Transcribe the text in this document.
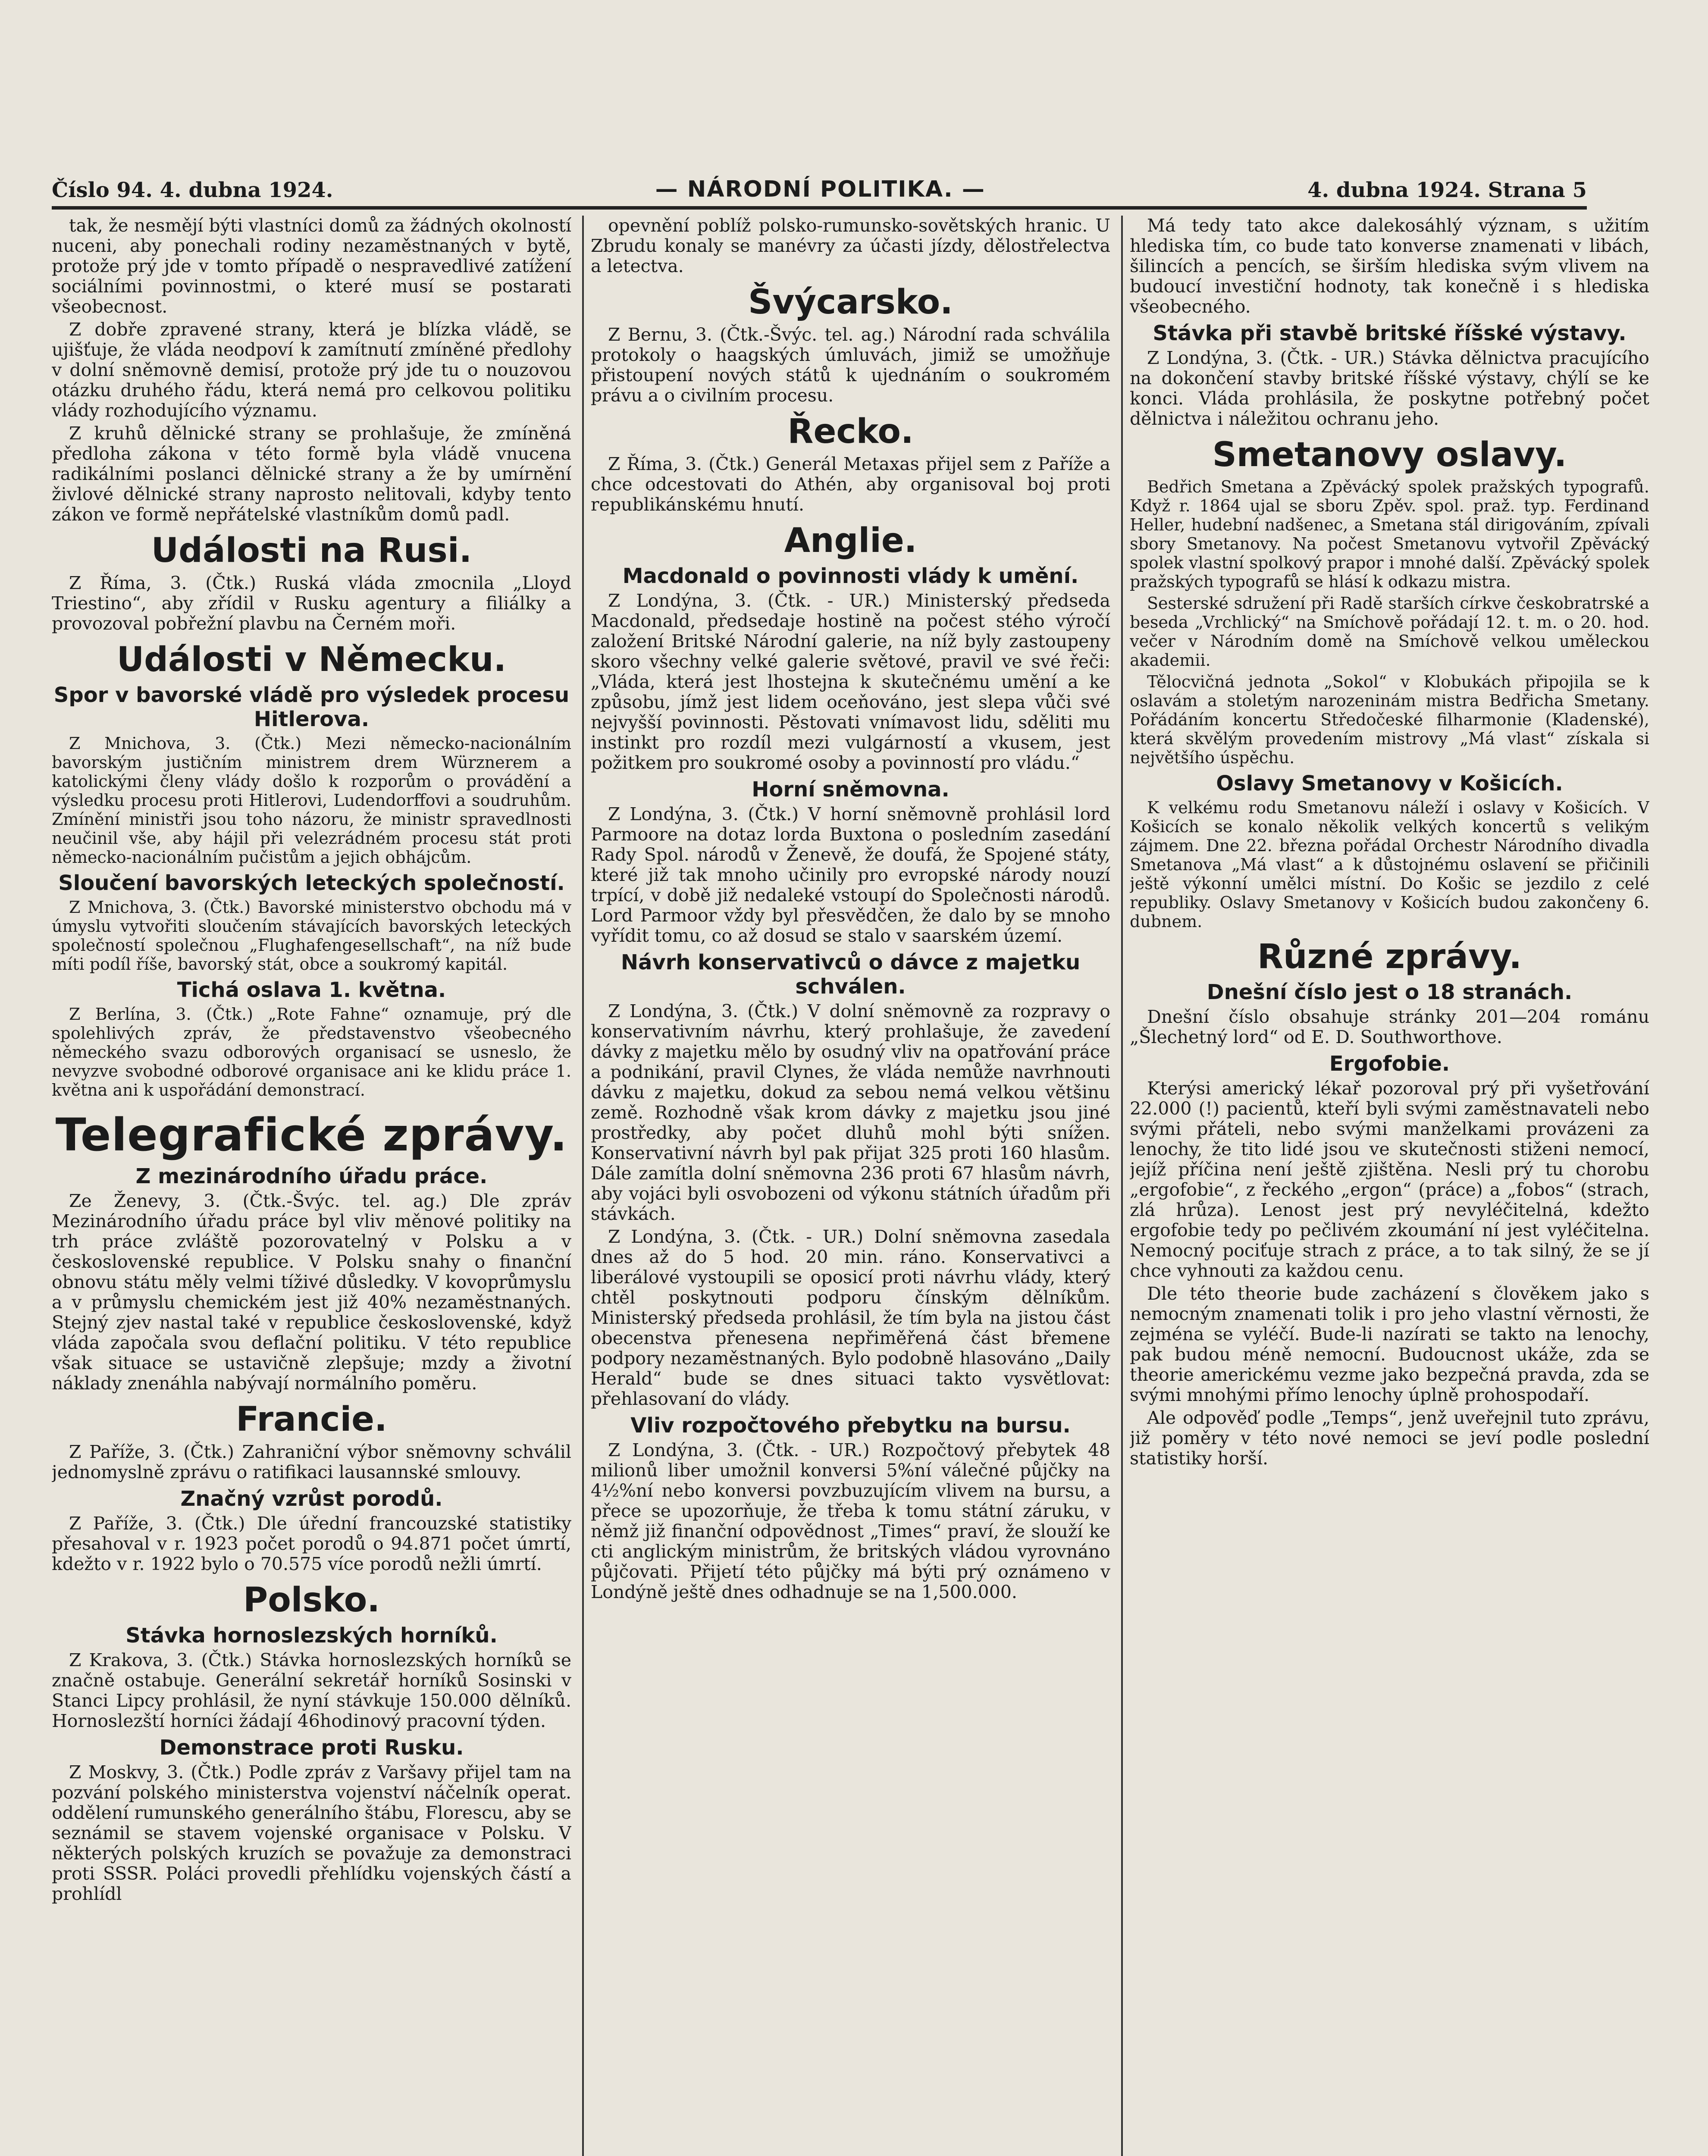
Číslo 94. 4. dubna 1924.	— NÁRODNÍ POLITIKA. —	4. dubna 1924. Strana 5

tak, že nesmějí býti vlastníci domů za žádných okolností nuceni, aby ponechali rodiny nezaměstnaných v bytě, protože prý jde v tomto případě o nespravedlivé zatížení sociálními povinnostmi, o které musí se postarati všeobecnost.

Z dobře zpravené strany, která je blízka vládě, se ujišťuje, že vláda neodpoví k zamítnutí zmíněné předlohy v dolní sněmovně demisí, protože prý jde tu o nouzovou otázku druhého řádu, která nemá pro celkovou politiku vlády rozhodujícího významu.

Z kruhů dělnické strany se prohlašuje, že zmíněná předloha zákona v této formě byla vládě vnucena radikálními poslanci dělnické strany a že by umírnění živlové dělnické strany naprosto nelitovali, kdyby tento zákon ve formě nepřátelské vlastníkům domů padl.

Události na Rusi.

Z Říma, 3. (Čtk.) Ruská vláda zmocnila „Lloyd Triestino“, aby zřídil v Rusku agentury a filiálky a provozoval pobřežní plavbu na Černém moři.

Události v Německu.
Spor v bavorské vládě pro výsledek procesu Hitlerova.

Z Mnichova, 3. (Čtk.) Mezi německo-nacionálním bavorským justičním ministrem drem Würznerem a katolickými členy vlády došlo k rozporům o provádění a výsledku procesu proti Hitlerovi, Ludendorffovi a soudruhům. Zmínění ministři jsou toho názoru, že ministr spravedlnosti neučinil vše, aby hájil při velezrádném procesu stát proti německo-nacionálním pučistům a jejich obhájcům.

Sloučení bavorských leteckých společností.

Z Mnichova, 3. (Čtk.) Bavorské ministerstvo obchodu má v úmyslu vytvořiti sloučením stávajících bavorských leteckých společností společnou „Flughafengesellschaft“, na níž bude míti podíl říše, bavorský stát, obce a soukromý kapitál.

Tichá oslava 1. května.

Z Berlína, 3. (Čtk.) „Rote Fahne“ oznamuje, prý dle spolehlivých zpráv, že představenstvo všeobecného německého svazu odborových organisací se usneslo, že nevyzve svobodné odborové organisace ani ke klidu práce 1. května ani k uspořádání demonstrací.

Telegrafické zprávy.
Z mezinárodního úřadu práce.

Ze Ženevy, 3. (Čtk.-Švýc. tel. ag.) Dle zpráv Mezinárodního úřadu práce byl vliv měnové politiky na trh práce zvláště pozorovatelný v Polsku a v československé republice. V Polsku snahy o finanční obnovu státu měly velmi tíživé důsledky. V kovoprůmyslu a v průmyslu chemickém jest již 40% nezaměstnaných. Stejný zjev nastal také v republice československé, když vláda započala svou deflační politiku. V této republice však situace se ustavičně zlepšuje; mzdy a životní náklady znenáhla nabývají normálního poměru.

Francie.

Z Paříže, 3. (Čtk.) Zahraniční výbor sněmovny schválil jednomyslně zprávu o ratifikaci lausannské smlouvy.

Značný vzrůst porodů.

Z Paříže, 3. (Čtk.) Dle úřední francouzské statistiky přesahoval v r. 1923 počet porodů o 94.871 počet úmrtí, kdežto v r. 1922 bylo o 70.575 více porodů nežli úmrtí.

Polsko.
Stávka hornoslezských horníků.

Z Krakova, 3. (Čtk.) Stávka hornoslezských horníků se značně ostabuje. Generální sekretář horníků Sosinski v Stanci Lipcy prohlásil, že nyní stávkuje 150.000 dělníků. Hornoslezští horníci žádají 46hodinový pracovní týden.

Demonstrace proti Rusku.

Z Moskvy, 3. (Čtk.) Podle zpráv z Varšavy přijel tam na pozvání polského ministerstva vojenství náčelník operat. oddělení rumunského generálního štábu, Florescu, aby se seznámil se stavem vojenské organisace v Polsku. V některých polských kruzích se považuje za demonstraci proti SSSR. Poláci provedli přehlídku vojenských částí a prohlídl

opevnění poblíž polsko-rumunsko-sovětských hranic. U Zbrudu konaly se manévry za účasti jízdy, dělostřelectva a letectva.

Švýcarsko.

Z Bernu, 3. (Čtk.-Švýc. tel. ag.) Národní rada schválila protokoly o haagských úmluvách, jimiž se umožňuje přistoupení nových států k ujednáním o soukromém právu a o civilním procesu.

Řecko.

Z Říma, 3. (Čtk.) Generál Metaxas přijel sem z Paříže a chce odcestovati do Athén, aby organisoval boj proti republikánskému hnutí.

Anglie.
Macdonald o povinnosti vlády k umění.

Z Londýna, 3. (Čtk. - UR.) Ministerský předseda Macdonald, předsedaje hostině na počest stého výročí založení Britské Národní galerie, na níž byly zastoupeny skoro všechny velké galerie světové, pravil ve své řeči: „Vláda, která jest lhostejna k skutečnému umění a ke způsobu, jímž jest lidem oceňováno, jest slepa vůči své nejvyšší povinnosti. Pěstovati vnímavost lidu, sděliti mu instinkt pro rozdíl mezi vulgárností a vkusem, jest požitkem pro soukromé osoby a povinností pro vládu.“

Horní sněmovna.

Z Londýna, 3. (Čtk.) V horní sněmovně prohlásil lord Parmoore na dotaz lorda Buxtona o posledním zasedání Rady Spol. národů v Ženevě, že doufá, že Spojené státy, které již tak mnoho učinily pro evropské národy nouzí trpící, v době již nedaleké vstoupí do Společnosti národů. Lord Parmoor vždy byl přesvědčen, že dalo by se mnoho vyřídit tomu, co až dosud se stalo v saarském území.

Návrh konservativců o dávce z majetku schválen.

Z Londýna, 3. (Čtk.) V dolní sněmovně za rozpravy o konservativním návrhu, který prohlašuje, že zavedení dávky z majetku mělo by osudný vliv na opatřování práce a podnikání, pravil Clynes, že vláda nemůže navrhnouti dávku z majetku, dokud za sebou nemá velkou většinu země. Rozhodně však krom dávky z majetku jsou jiné prostředky, aby počet dluhů mohl býti snížen. Konservativní návrh byl pak přijat 325 proti 160 hlasům. Dále zamítla dolní sněmovna 236 proti 67 hlasům návrh, aby vojáci byli osvobozeni od výkonu státních úřadům při stávkách.

Z Londýna, 3. (Čtk. - UR.) Dolní sněmovna zasedala dnes až do 5 hod. 20 min. ráno. Konservativci a liberálové vystoupili se oposicí proti návrhu vlády, který chtěl poskytnouti podporu čínským dělníkům. Ministerský předseda prohlásil, že tím byla na jistou část obecenstva přenesena nepřiměřená část břemene podpory nezaměstnaných. Bylo podobně hlasováno „Daily Herald“ bude se dnes situaci takto vysvětlovat: přehlasovaní do vlády.

Vliv rozpočtového přebytku na bursu.

Z Londýna, 3. (Čtk. - UR.) Rozpočtový přebytek 48 milionů liber umožnil konversi 5%ní válečné půjčky na 4½%ní nebo konversi povzbuzujícím vlivem na bursu, a přece se upozorňuje, že třeba k tomu státní záruku, v němž již finanční odpovědnost „Times“ praví, že slouží ke cti anglickým ministrům, že britských vládou vyrovnáno půjčovati. Přijetí této půjčky má býti prý oznámeno v Londýně ještě dnes odhadnuje se na 1,500.000.

Má tedy tato akce dalekosáhlý význam, s užitím hlediska tím, co bude tato konverse znamenati v libách, šilincích a pencích, se širším hlediska svým vlivem na budoucí investiční hodnoty, tak konečně i s hlediska všeobecného.

Stávka při stavbě britské říšské výstavy.

Z Londýna, 3. (Čtk. - UR.) Stávka dělnictva pracujícího na dokončení stavby britské říšské výstavy, chýlí se ke konci. Vláda prohlásila, že poskytne potřebný počet dělnictva i náležitou ochranu jeho.

Smetanovy oslavy.

Bedřich Smetana a Zpěvácký spolek pražských typografů. Když r. 1864 ujal se sboru Zpěv. spol. praž. typ. Ferdinand Heller, hudební nadšenec, a Smetana stál dirigováním, zpívali sbory Smetanovy. Na počest Smetanovu vytvořil Zpěvácký spolek vlastní spolkový prapor i mnohé další. Zpěvácký spolek pražských typografů se hlásí k odkazu mistra.

Sesterské sdružení při Radě starších církve českobratrské a beseda „Vrchlický“ na Smíchově pořádají 12. t. m. o 20. hod. večer v Národním domě na Smíchově velkou uměleckou akademii.

Tělocvičná jednota „Sokol“ v Klobukách připojila se k oslavám a stoletým narozeninám mistra Bedřicha Smetany. Pořádáním koncertu Středočeské filharmonie (Kladenské), která skvělým provedením mistrovy „Má vlast“ získala si největšího úspěchu.

Oslavy Smetanovy v Košicích.

K velkému rodu Smetanovu náleží i oslavy v Košicích. V Košicích se konalo několik velkých koncertů s velikým zájmem. Dne 22. března pořádal Orchestr Národního divadla Smetanova „Má vlast“ a k důstojnému oslavení se přičinili ještě výkonní umělci místní. Do Košic se jezdilo z celé republiky. Oslavy Smetanovy v Košicích budou zakončeny 6. dubnem.

Různé zprávy.
Dnešní číslo jest o 18 stranách.

Dnešní číslo obsahuje stránky 201—204 románu „Šlechetný lord“ od E. D. Southworthove.

Ergofobie.

Kterýsi americký lékař pozoroval prý při vyšetřování 22.000 (!) pacientů, kteří byli svými zaměstnavateli nebo svými přáteli, nebo svými manželkami provázeni za lenochy, že tito lidé jsou ve skutečnosti stiženi nemocí, jejíž příčina není ještě zjištěna. Nesli prý tu chorobu „ergofobie“, z řeckého „ergon“ (práce) a „fobos“ (strach, zlá hrůza). Lenost jest prý nevyléčitelná, kdežto ergofobie tedy po pečlivém zkoumání ní jest vyléčitelna. Nemocný pociťuje strach z práce, a to tak silný, že se jí chce vyhnouti za každou cenu.

Dle této theorie bude zacházení s člověkem jako s nemocným znamenati tolik i pro jeho vlastní věrnosti, že zejména se vyléčí. Bude-li nazírati se takto na lenochy, pak budou méně nemocní. Budoucnost ukáže, zda se theorie americkému vezme jako bezpečná pravda, zda se svými mnohými přímo lenochy úplně prohospodaří.

Ale odpověď podle „Temps“, jenž uveřejnil tuto zprávu, již poměry v této nové nemoci se jeví podle poslední statistiky horší.
